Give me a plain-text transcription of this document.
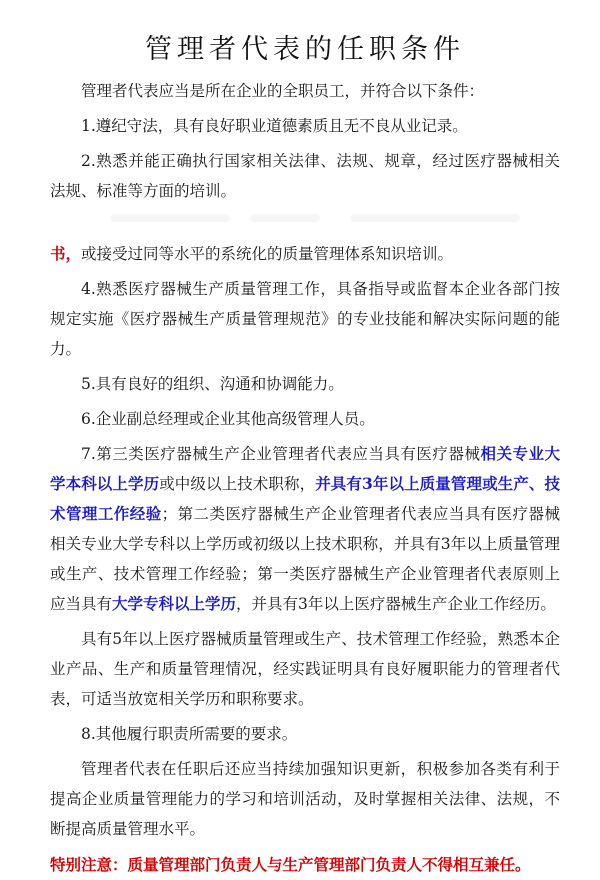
管理者代表的任职条件

管理者代表应当是所在企业的全职员工，并符合以下条件：

1.遵纪守法，具有良好职业道德素质且无不良从业记录。

2.熟悉并能正确执行国家相关法律、法规、规章，经过医疗器械相关法规、标准等方面的培训。

书，或接受过同等水平的系统化的质量管理体系知识培训。

4.熟悉医疗器械生产质量管理工作，具备指导或监督本企业各部门按规定实施《医疗器械生产质量管理规范》的专业技能和解决实际问题的能力。

5.具有良好的组织、沟通和协调能力。

6.企业副总经理或企业其他高级管理人员。

7.第三类医疗器械生产企业管理者代表应当具有医疗器械相关专业大学本科以上学历或中级以上技术职称，并具有3年以上质量管理或生产、技术管理工作经验；第二类医疗器械生产企业管理者代表应当具有医疗器械相关专业大学专科以上学历或初级以上技术职称，并具有3年以上质量管理或生产、技术管理工作经验；第一类医疗器械生产企业管理者代表原则上应当具有大学专科以上学历，并具有3年以上医疗器械生产企业工作经历。

具有5年以上医疗器械质量管理或生产、技术管理工作经验，熟悉本企业产品、生产和质量管理情况，经实践证明具有良好履职能力的管理者代表，可适当放宽相关学历和职称要求。

8.其他履行职责所需要的要求。

管理者代表在任职后还应当持续加强知识更新，积极参加各类有利于提高企业质量管理能力的学习和培训活动，及时掌握相关法律、法规，不断提高质量管理水平。

特别注意：质量管理部门负责人与生产管理部门负责人不得相互兼任。
